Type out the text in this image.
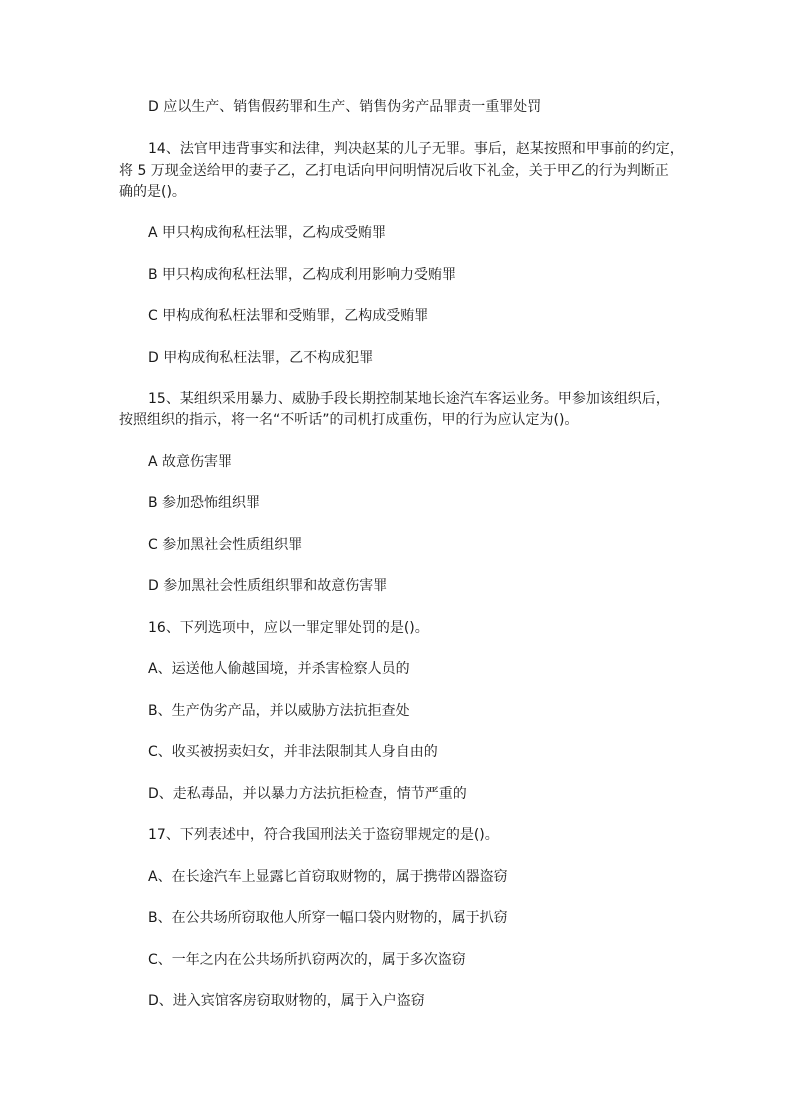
D 应以生产、销售假药罪和生产、销售伪劣产品罪责一重罪处罚

14、法官甲违背事实和法律，判决赵某的儿子无罪。事后，赵某按照和甲事前的约定，

将 5 万现金送给甲的妻子乙，乙打电话向甲问明情况后收下礼金，关于甲乙的行为判断正

确的是()。

A 甲只构成徇私枉法罪，乙构成受贿罪

B 甲只构成徇私枉法罪，乙构成利用影响力受贿罪

C 甲构成徇私枉法罪和受贿罪，乙构成受贿罪

D 甲构成徇私枉法罪，乙不构成犯罪

15、某组织采用暴力、威胁手段长期控制某地长途汽车客运业务。甲参加该组织后，

按照组织的指示，将一名“不听话”的司机打成重伤，甲的行为应认定为()。

A 故意伤害罪

B 参加恐怖组织罪

C 参加黑社会性质组织罪

D 参加黑社会性质组织罪和故意伤害罪

16、下列选项中，应以一罪定罪处罚的是()。

A、运送他人偷越国境，并杀害检察人员的

B、生产伪劣产品，并以威胁方法抗拒查处

C、收买被拐卖妇女，并非法限制其人身自由的

D、走私毒品，并以暴力方法抗拒检查，情节严重的

17、下列表述中，符合我国刑法关于盗窃罪规定的是()。

A、在长途汽车上显露匕首窃取财物的，属于携带凶器盗窃

B、在公共场所窃取他人所穿一幅口袋内财物的，属于扒窃

C、一年之内在公共场所扒窃两次的，属于多次盗窃

D、进入宾馆客房窃取财物的，属于入户盗窃
